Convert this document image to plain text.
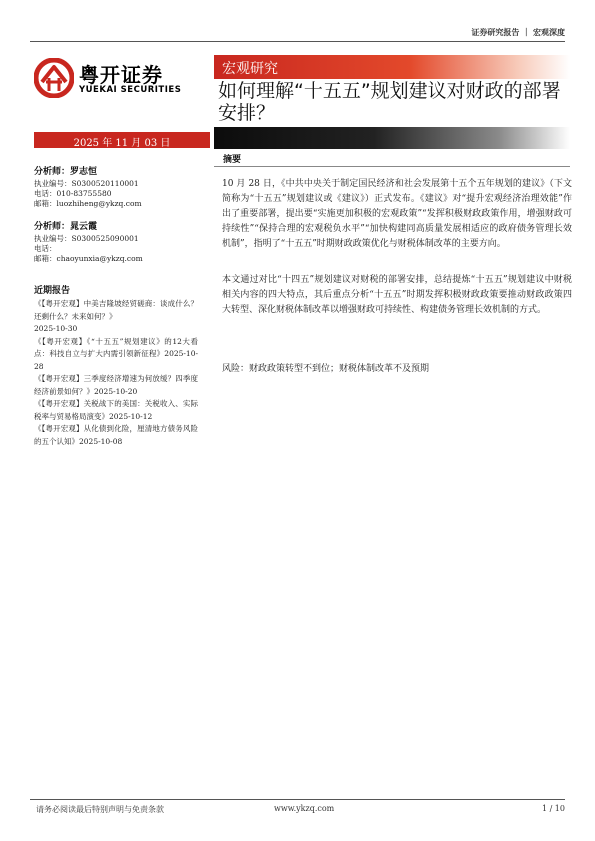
证券研究报告 ｜ 宏观深度
粤开证券
YUEKAI SECURITIES
宏观研究
如何理解“十五五”规划建议对财政的部署安排？
2025 年 11 月 03 日
分析师：罗志恒
执业编号：S0300520110001
电话：010-83755580
邮箱：luozhiheng@ykzq.com
分析师：晁云霞
执业编号：S0300525090001
电话：
邮箱：chaoyunxia@ykzq.com
近期报告
《【粤开宏观】中美吉隆坡经贸磋商：谈成什么？还剩什么？未来如何？》
2025-10-30
《【粤开宏观】《“十五五”规划建议》的12大看点：科技自立与扩大内需引领新征程》2025-10-28
《【粤开宏观】三季度经济增速为何放缓？四季度经济前景如何？》2025-10-20
《【粤开宏观】关税战下的美国：关税收入、实际税率与贸易格局演变》2025-10-12
《【粤开宏观】从化债到化险，厘清地方债务风险的五个认知》2025-10-08
摘要

10 月 28 日，《中共中央关于制定国民经济和社会发展第十五个五年规划的建议》（下文简称为“十五五”规划建议或《建议》）正式发布。《建议》对“提升宏观经济治理效能”作出了重要部署，提出要“实施更加积极的宏观政策”“发挥积极财政政策作用，增强财政可持续性”“保持合理的宏观税负水平”“加快构建同高质量发展相适应的政府债务管理长效机制”，指明了“十五五”时期财政政策优化与财税体制改革的主要方向。

本文通过对比“十四五”规划建议对财税的部署安排，总结提炼“十五五”规划建议中财税相关内容的四大特点，其后重点分析“十五五”时期发挥积极财政政策要推动财政政策四大转型、深化财税体制改革以增强财政可持续性、构建债务管理长效机制的方式。

风险：财政政策转型不到位；财税体制改革不及预期

请务必阅读最后特别声明与免责条款	www.ykzq.com	1 / 10
